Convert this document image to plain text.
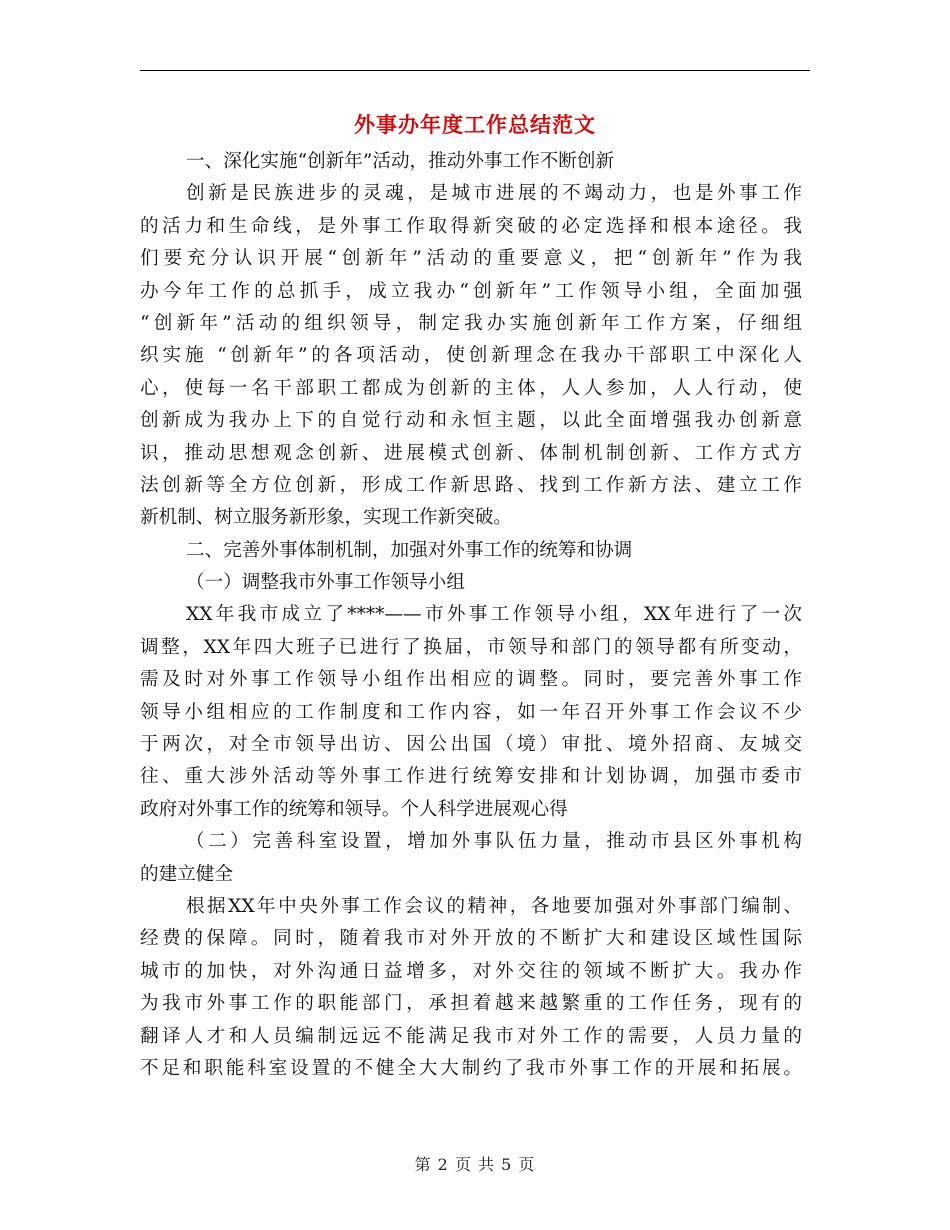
外事办年度工作总结范文
一、深化实施“创新年”活动，推动外事工作不断创新
创新是民族进步的灵魂，是城市进展的不竭动力，也是外事工作
的活力和生命线，是外事工作取得新突破的必定选择和根本途径。我
们要充分认识开展“创新年”活动的重要意义，把“创新年”作为我
办今年工作的总抓手，成立我办“创新年”工作领导小组，全面加强
“创新年”活动的组织领导，制定我办实施创新年工作方案，仔细组
织实施 “创新年”的各项活动，使创新理念在我办干部职工中深化人
心，使每一名干部职工都成为创新的主体，人人参加，人人行动，使
创新成为我办上下的自觉行动和永恒主题，以此全面增强我办创新意
识，推动思想观念创新、进展模式创新、体制机制创新、工作方式方
法创新等全方位创新，形成工作新思路、找到工作新方法、建立工作
新机制、树立服务新形象，实现工作新突破。
二、完善外事体制机制，加强对外事工作的统筹和协调
（一）调整我市外事工作领导小组
XX年我市成立了****——市外事工作领导小组，XX年进行了一次
调整，XX年四大班子已进行了换届，市领导和部门的领导都有所变动，
需及时对外事工作领导小组作出相应的调整。同时，要完善外事工作
领导小组相应的工作制度和工作内容，如一年召开外事工作会议不少
于两次，对全市领导出访、因公出国（境）审批、境外招商、友城交
往、重大涉外活动等外事工作进行统筹安排和计划协调，加强市委市
政府对外事工作的统筹和领导。个人科学进展观心得
（二）完善科室设置，增加外事队伍力量，推动市县区外事机构
的建立健全
根据XX年中央外事工作会议的精神，各地要加强对外事部门编制、
经费的保障。同时，随着我市对外开放的不断扩大和建设区域性国际
城市的加快，对外沟通日益增多，对外交往的领域不断扩大。我办作
为我市外事工作的职能部门，承担着越来越繁重的工作任务，现有的
翻译人才和人员编制远远不能满足我市对外工作的需要，人员力量的
不足和职能科室设置的不健全大大制约了我市外事工作的开展和拓展。
第 2 页 共 5 页
